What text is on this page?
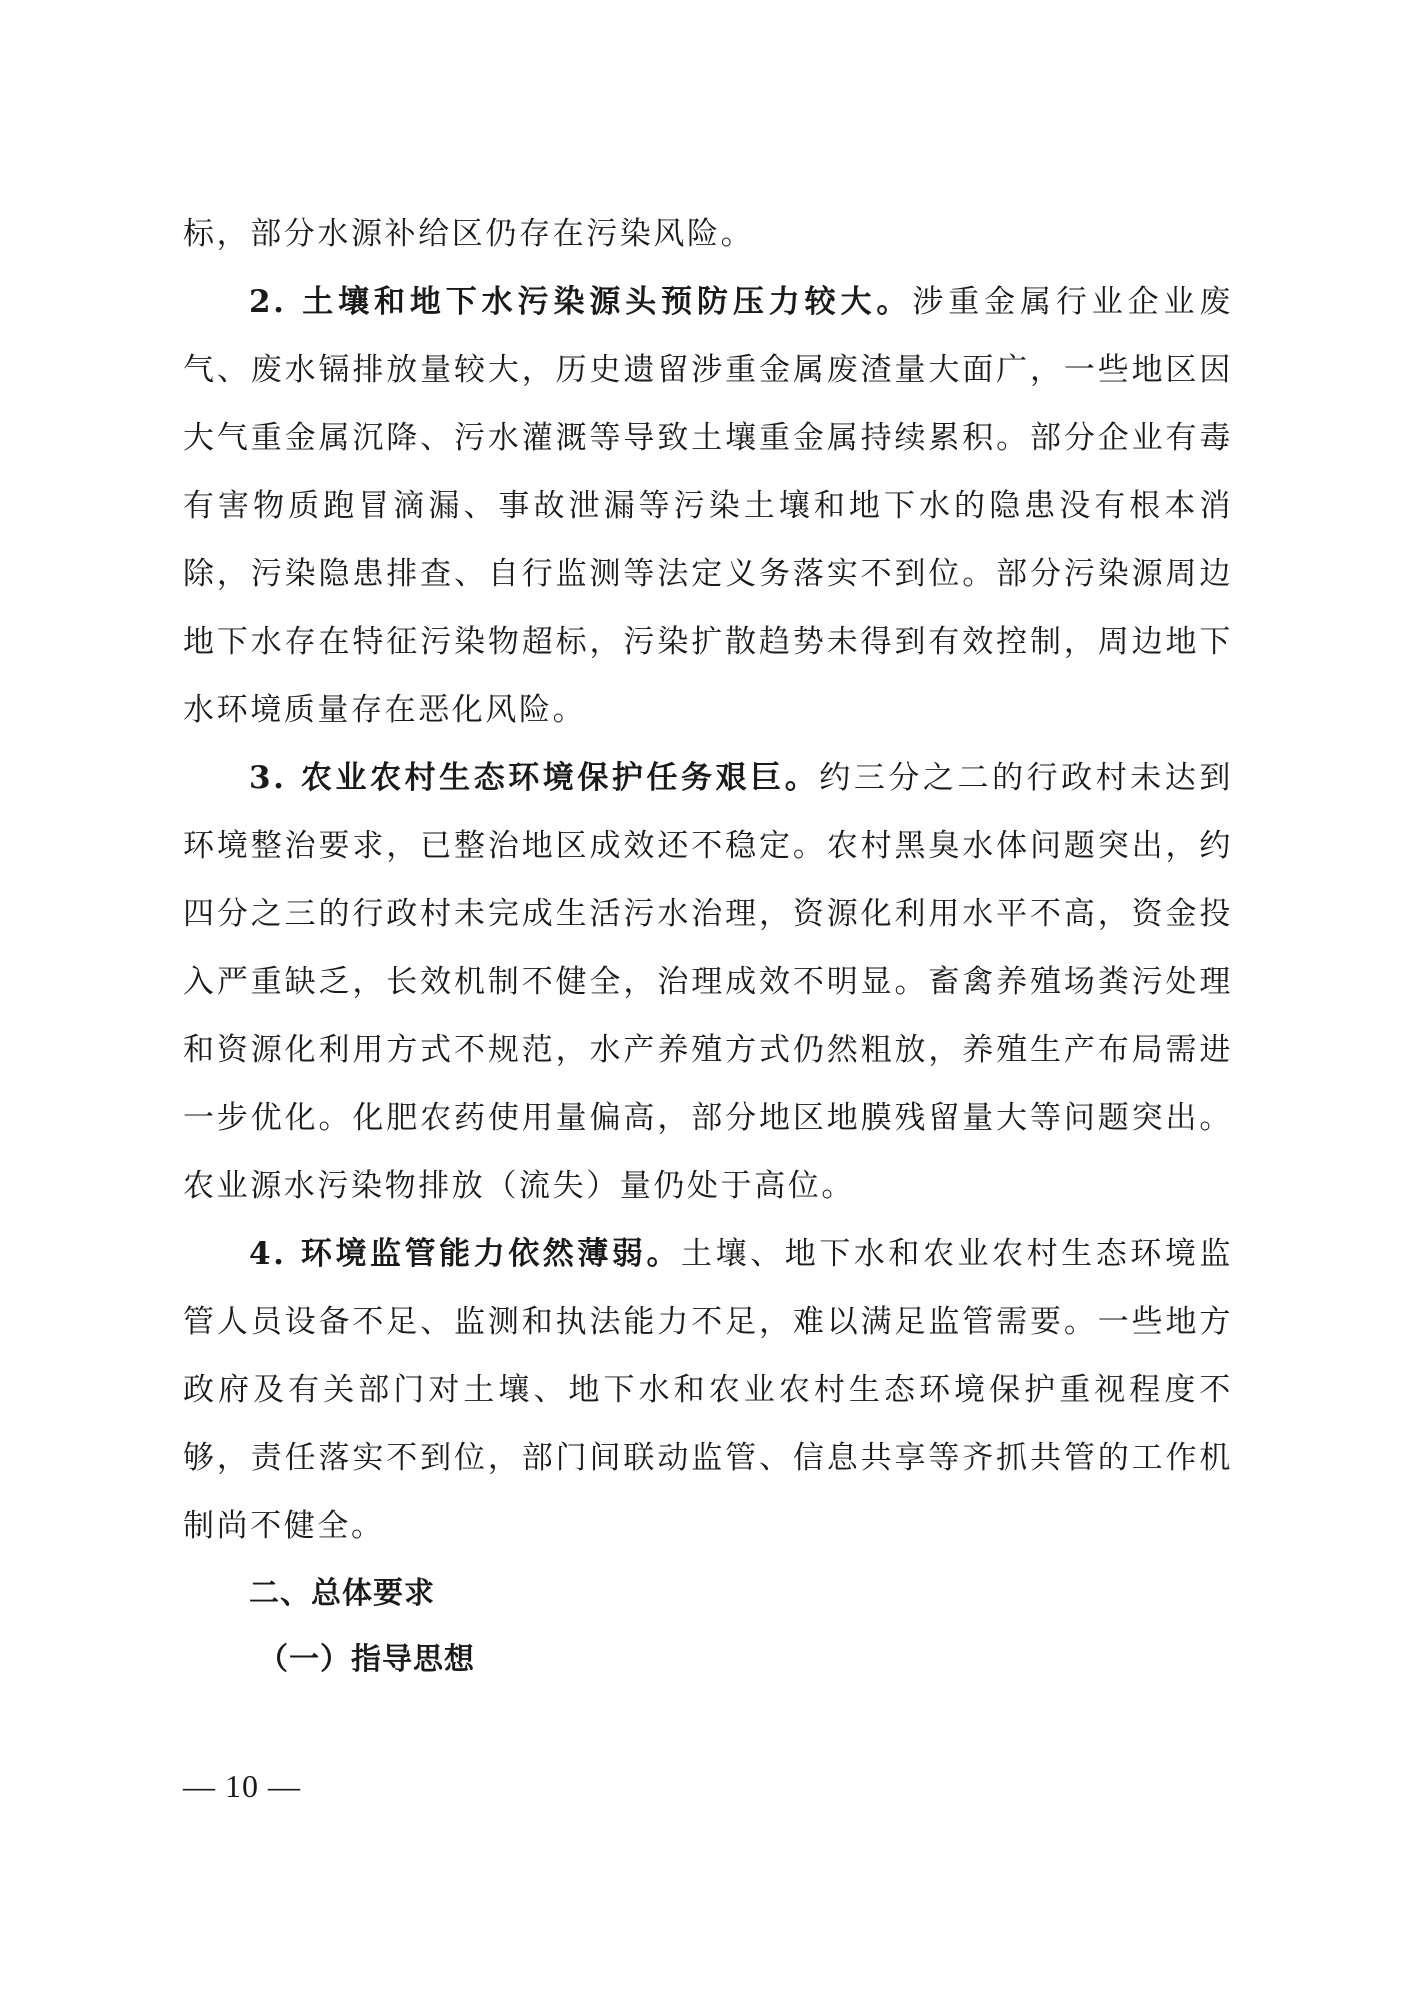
标，部分水源补给区仍存在污染风险。

2. 土壤和地下水污染源头预防压力较大。涉重金属行业企业废气、废水镉排放量较大，历史遗留涉重金属废渣量大面广，一些地区因大气重金属沉降、污水灌溉等导致土壤重金属持续累积。部分企业有毒有害物质跑冒滴漏、事故泄漏等污染土壤和地下水的隐患没有根本消除，污染隐患排查、自行监测等法定义务落实不到位。部分污染源周边地下水存在特征污染物超标，污染扩散趋势未得到有效控制，周边地下水环境质量存在恶化风险。

3. 农业农村生态环境保护任务艰巨。约三分之二的行政村未达到环境整治要求，已整治地区成效还不稳定。农村黑臭水体问题突出，约四分之三的行政村未完成生活污水治理，资源化利用水平不高，资金投入严重缺乏，长效机制不健全，治理成效不明显。畜禽养殖场粪污处理和资源化利用方式不规范，水产养殖方式仍然粗放，养殖生产布局需进一步优化。化肥农药使用量偏高，部分地区地膜残留量大等问题突出。农业源水污染物排放（流失）量仍处于高位。

4. 环境监管能力依然薄弱。土壤、地下水和农业农村生态环境监管人员设备不足、监测和执法能力不足，难以满足监管需要。一些地方政府及有关部门对土壤、地下水和农业农村生态环境保护重视程度不够，责任落实不到位，部门间联动监管、信息共享等齐抓共管的工作机制尚不健全。

二、总体要求

（一）指导思想

— 10 —
